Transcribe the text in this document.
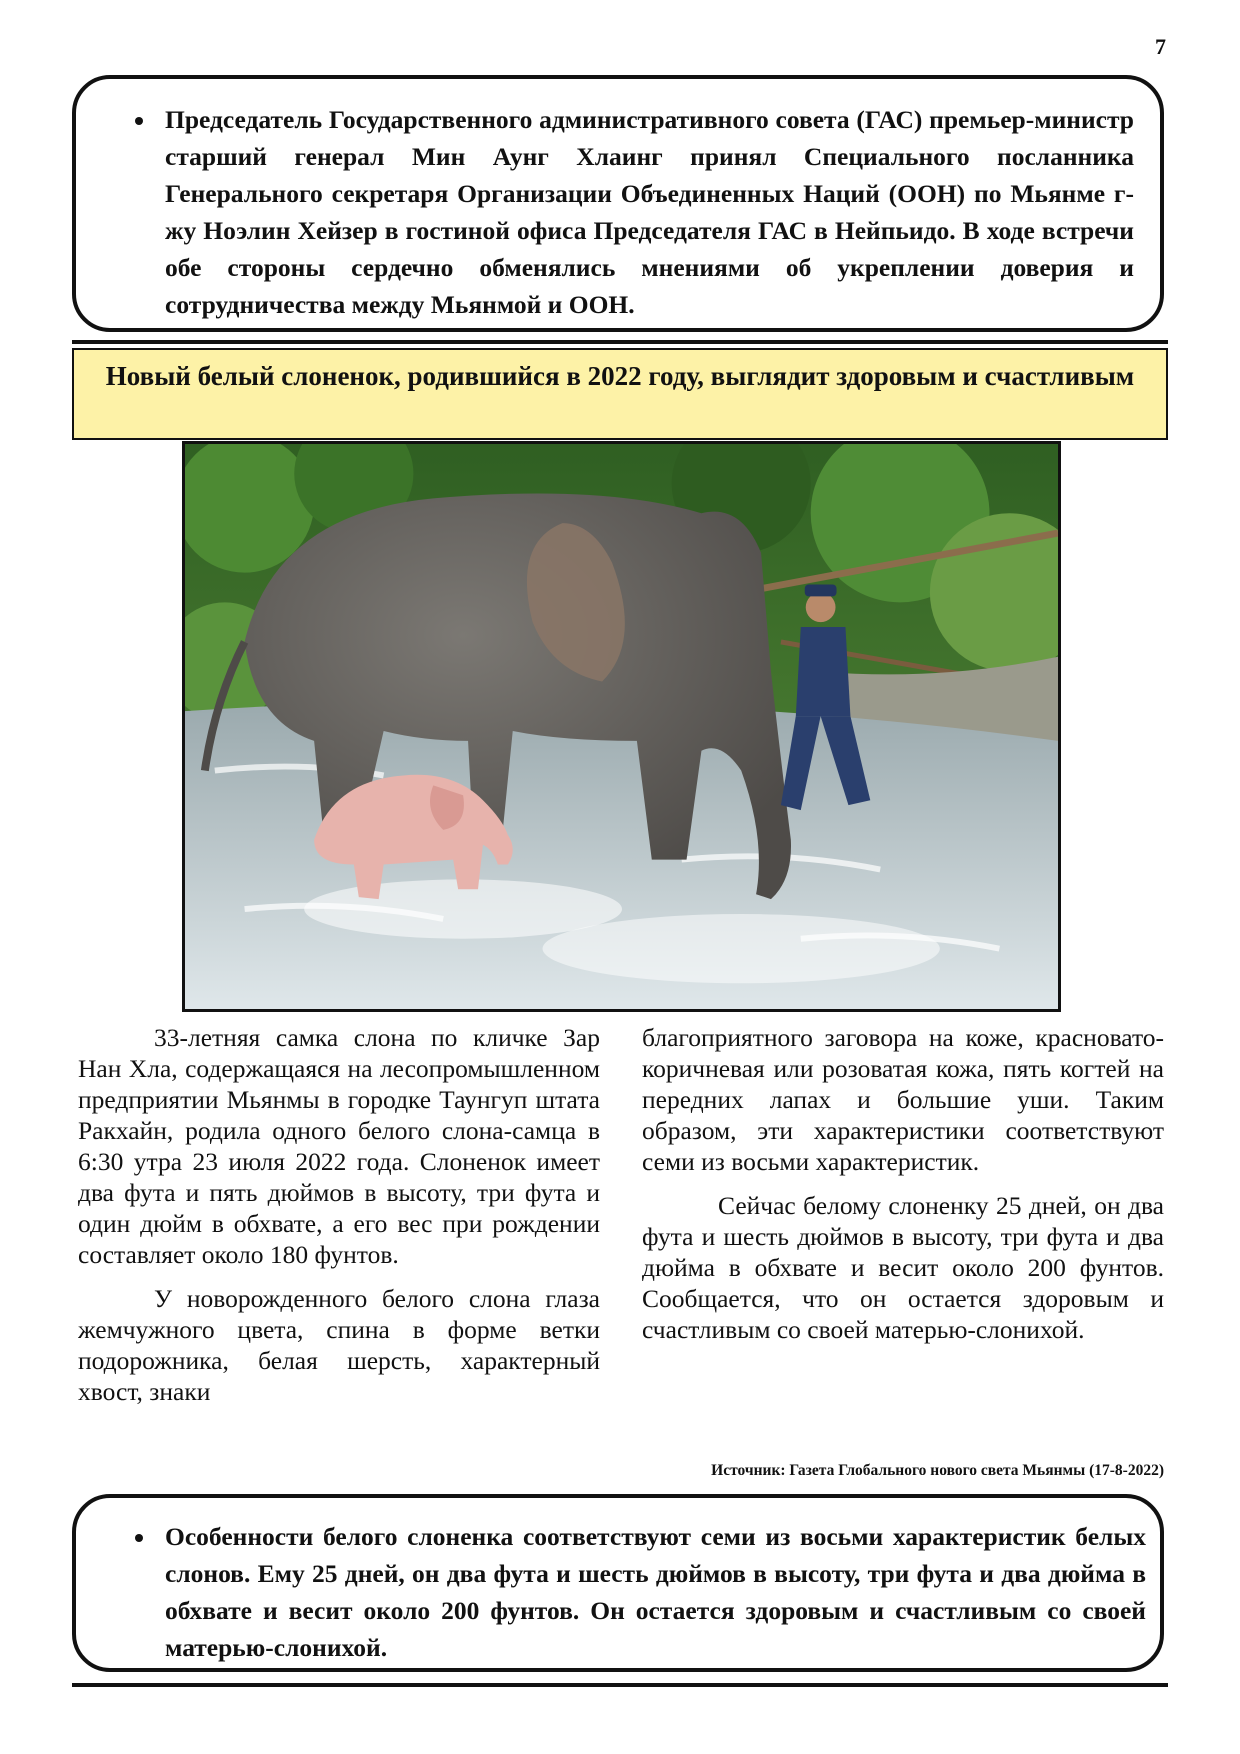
7
• Председатель Государственного административного совета (ГАС) премьер-министр старший генерал Мин Аунг Хлаинг принял Специального посланника Генерального секретаря Организации Объединенных Наций (ООН) по Мьянме г-жу Ноэлин Хейзер в гостиной офиса Председателя ГАС в Нейпьидо. В ходе встречи обе стороны сердечно обменялись мнениями об укреплении доверия и сотрудничества между Мьянмой и ООН.
Новый белый слоненок, родившийся в 2022 году, выглядит здоровым и счастливым

33-летняя самка слона по кличке Зар Нан Хла, содержащаяся на лесопромышленном предприятии Мьянмы в городке Таунгуп штата Ракхайн, родила одного белого слона-самца в 6:30 утра 23 июля 2022 года. Слоненок имеет два фута и пять дюймов в высоту, три фута и один дюйм в обхвате, а его вес при рождении составляет около 180 фунтов.

У новорожденного белого слона глаза жемчужного цвета, спина в форме ветки подорожника, белая шерсть, характерный хвост, знаки

благоприятного заговора на коже, красновато-коричневая или розоватая кожа, пять когтей на передних лапах и большие уши. Таким образом, эти характеристики соответствуют семи из восьми характеристик.

Сейчас белому слоненку 25 дней, он два фута и шесть дюймов в высоту, три фута и два дюйма в обхвате и весит около 200 фунтов. Сообщается, что он остается здоровым и счастливым со своей матерью-слонихой.

Источник: Газета Глобального нового света Мьянмы (17-8-2022)
• Особенности белого слоненка соответствуют семи из восьми характеристик белых слонов. Ему 25 дней, он два фута и шесть дюймов в высоту, три фута и два дюйма в обхвате и весит около 200 фунтов. Он остается здоровым и счастливым со своей матерью-слонихой.
